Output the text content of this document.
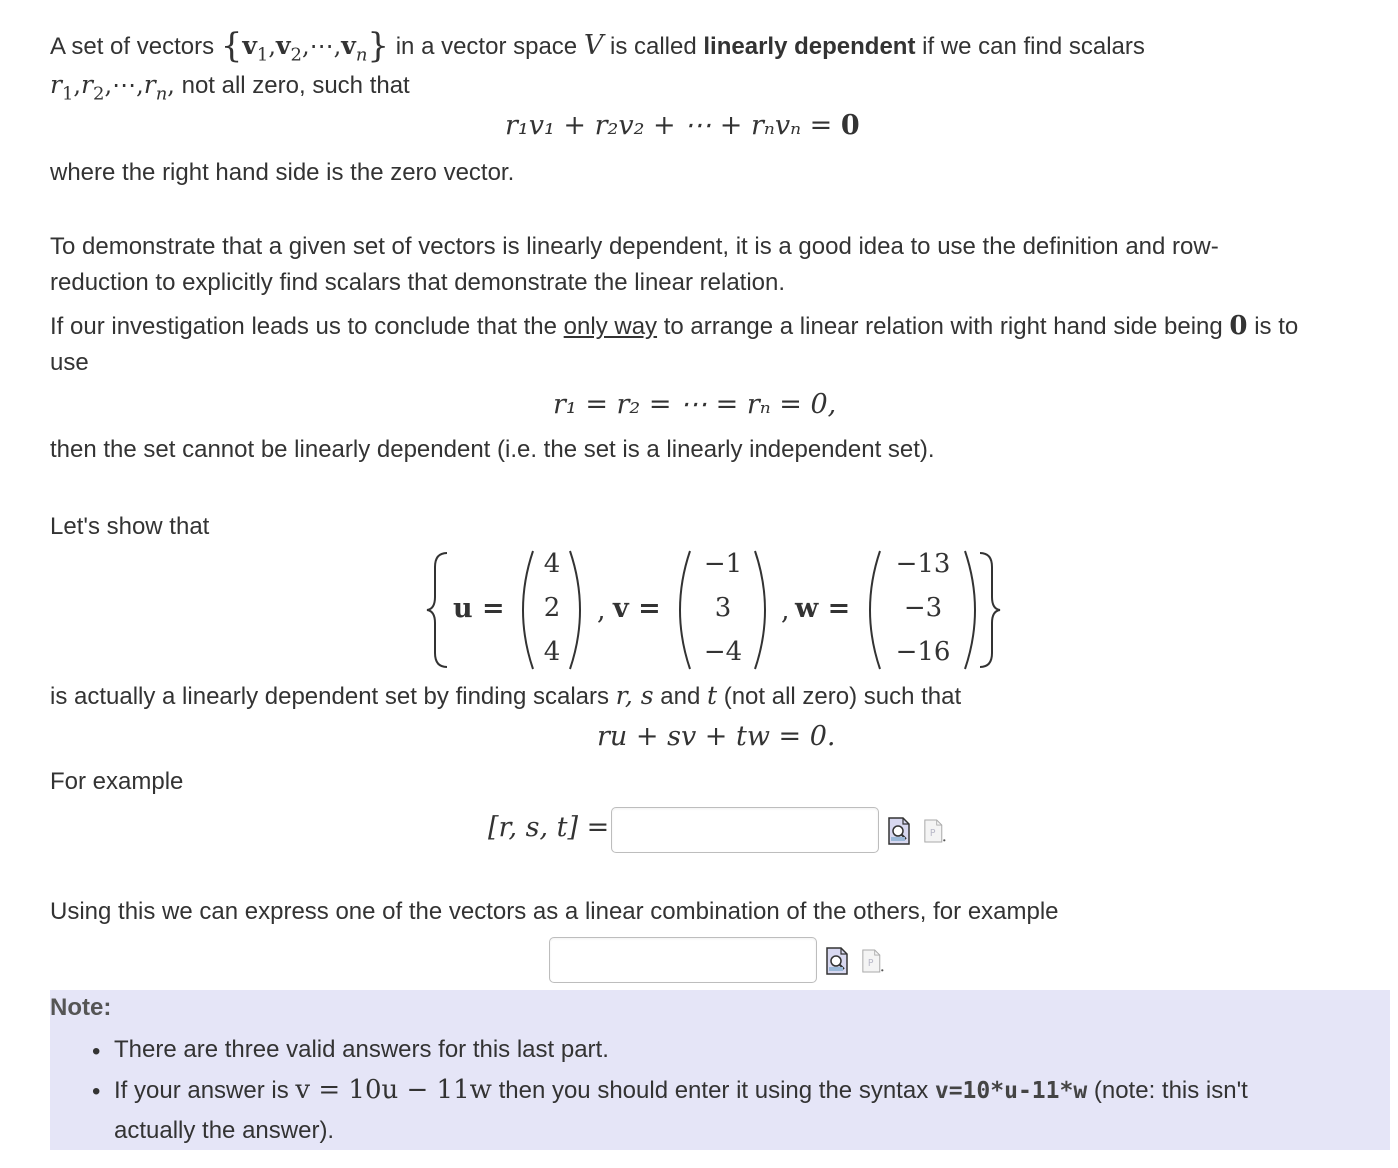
A set of vectors $\{v_1,v_2,\cdots,v_n\}$ in a vector space V is called linearly dependent if we can find scalars
$r_1,r_2,\cdots,r_n$, not all zero, such that
r₁v₁ + r₂v₂ + ⋯ + rₙvₙ = 0
where the right hand side is the zero vector.
To demonstrate that a given set of vectors is linearly dependent, it is a good idea to use the definition and row-
reduction to explicitly find scalars that demonstrate the linear relation.
If our investigation leads us to conclude that the only way to arrange a linear relation with right hand side being 0 is to
use
r₁ = r₂ = ⋯ = rₙ = 0,
then the set cannot be linearly dependent (i.e. the set is a linearly independent set).
Let's show that
u =
4
2
4
, v =
−1
3
−4
, w =
−13
−3
−16
is actually a linearly dependent set by finding scalars r, s and t (not all zero) such that
ru + sv + tw = 0.
For example
[r, s, t] =	P
Using this we can express one of the vectors as a linear combination of the others, for example
P
Note:
• There are three valid answers for this last part.
• If your answer is v = 10u − 11w then you should enter it using the syntax v=10*u-11*w (note: this isn't
actually the answer).
